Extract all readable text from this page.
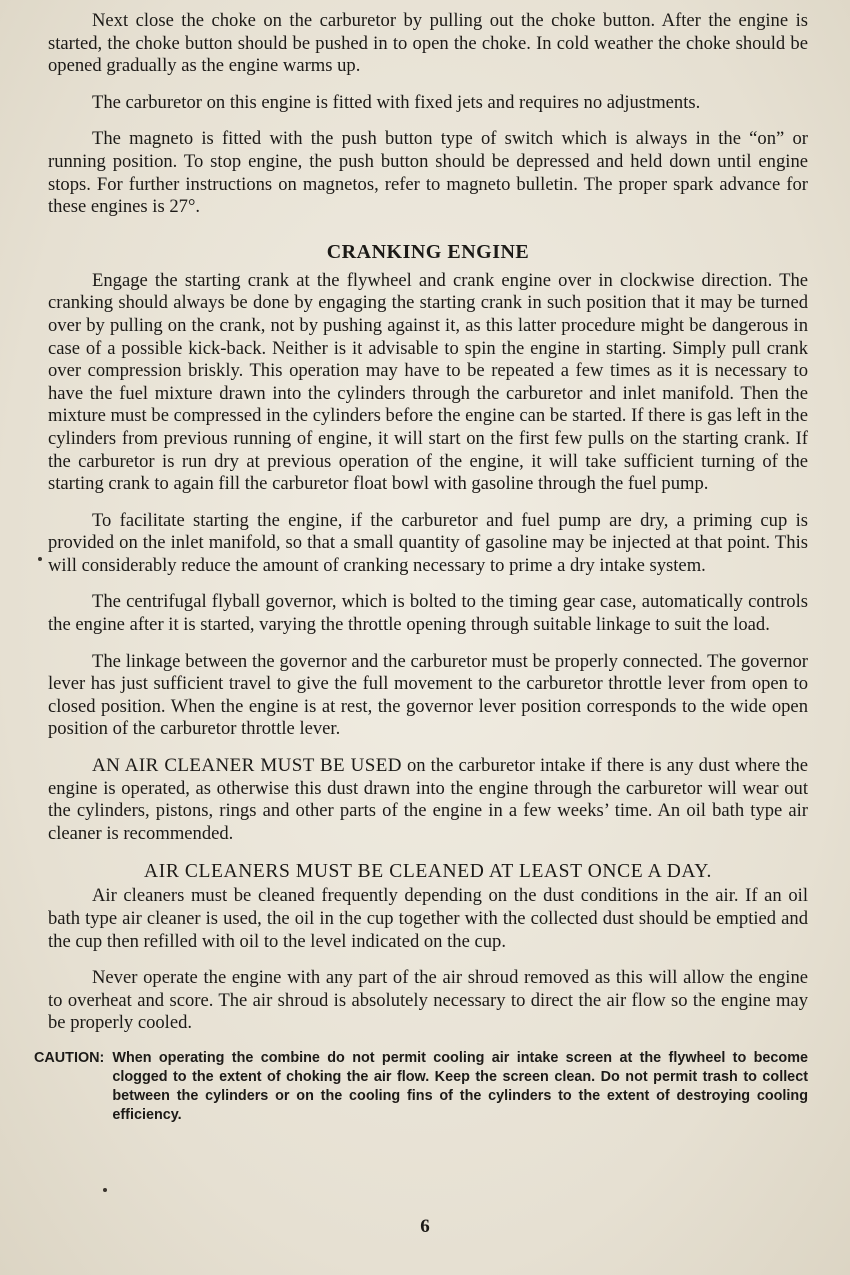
Next close the choke on the carburetor by pulling out the choke button. After the engine is started, the choke button should be pushed in to open the choke. In cold weather the choke should be opened gradually as the engine warms up.

The carburetor on this engine is fitted with fixed jets and requires no adjustments.

The magneto is fitted with the push button type of switch which is always in the “on” or running position. To stop engine, the push button should be depressed and held down until engine stops. For further instructions on magnetos, refer to magneto bulletin. The proper spark advance for these engines is 27°.

CRANKING ENGINE

Engage the starting crank at the flywheel and crank engine over in clockwise direction. The cranking should always be done by engaging the starting crank in such position that it may be turned over by pulling on the crank, not by pushing against it, as this latter procedure might be dangerous in case of a possible kick-back. Neither is it advisable to spin the engine in starting. Simply pull crank over compression briskly. This operation may have to be repeated a few times as it is necessary to have the fuel mixture drawn into the cylinders through the carburetor and inlet manifold. Then the mixture must be compressed in the cylinders before the engine can be started. If there is gas left in the cylinders from previous running of engine, it will start on the first few pulls on the starting crank. If the carburetor is run dry at previous operation of the engine, it will take sufficient turning of the starting crank to again fill the carburetor float bowl with gasoline through the fuel pump.

To facilitate starting the engine, if the carburetor and fuel pump are dry, a priming cup is provided on the inlet manifold, so that a small quantity of gasoline may be injected at that point. This will considerably reduce the amount of cranking necessary to prime a dry intake system.

The centrifugal flyball governor, which is bolted to the timing gear case, automatically controls the engine after it is started, varying the throttle opening through suitable linkage to suit the load.

The linkage between the governor and the carburetor must be properly connected. The governor lever has just sufficient travel to give the full movement to the carburetor throttle lever from open to closed position. When the engine is at rest, the governor lever position corresponds to the wide open position of the carburetor throttle lever.

AN AIR CLEANER MUST BE USED on the carburetor intake if there is any dust where the engine is operated, as otherwise this dust drawn into the engine through the carburetor will wear out the cylinders, pistons, rings and other parts of the engine in a few weeks’ time. An oil bath type air cleaner is recommended.

AIR CLEANERS MUST BE CLEANED AT LEAST ONCE A DAY.

Air cleaners must be cleaned frequently depending on the dust conditions in the air. If an oil bath type air cleaner is used, the oil in the cup together with the collected dust should be emptied and the cup then refilled with oil to the level indicated on the cup.

Never operate the engine with any part of the air shroud removed as this will allow the engine to overheat and score. The air shroud is absolutely necessary to direct the air flow so the engine may be properly cooled.

CAUTION: When operating the combine do not permit cooling air intake screen at the flywheel to become clogged to the extent of choking the air flow. Keep the screen clean. Do not permit trash to collect between the cylinders or on the cooling fins of the cylinders to the extent of destroying cooling efficiency.
6
